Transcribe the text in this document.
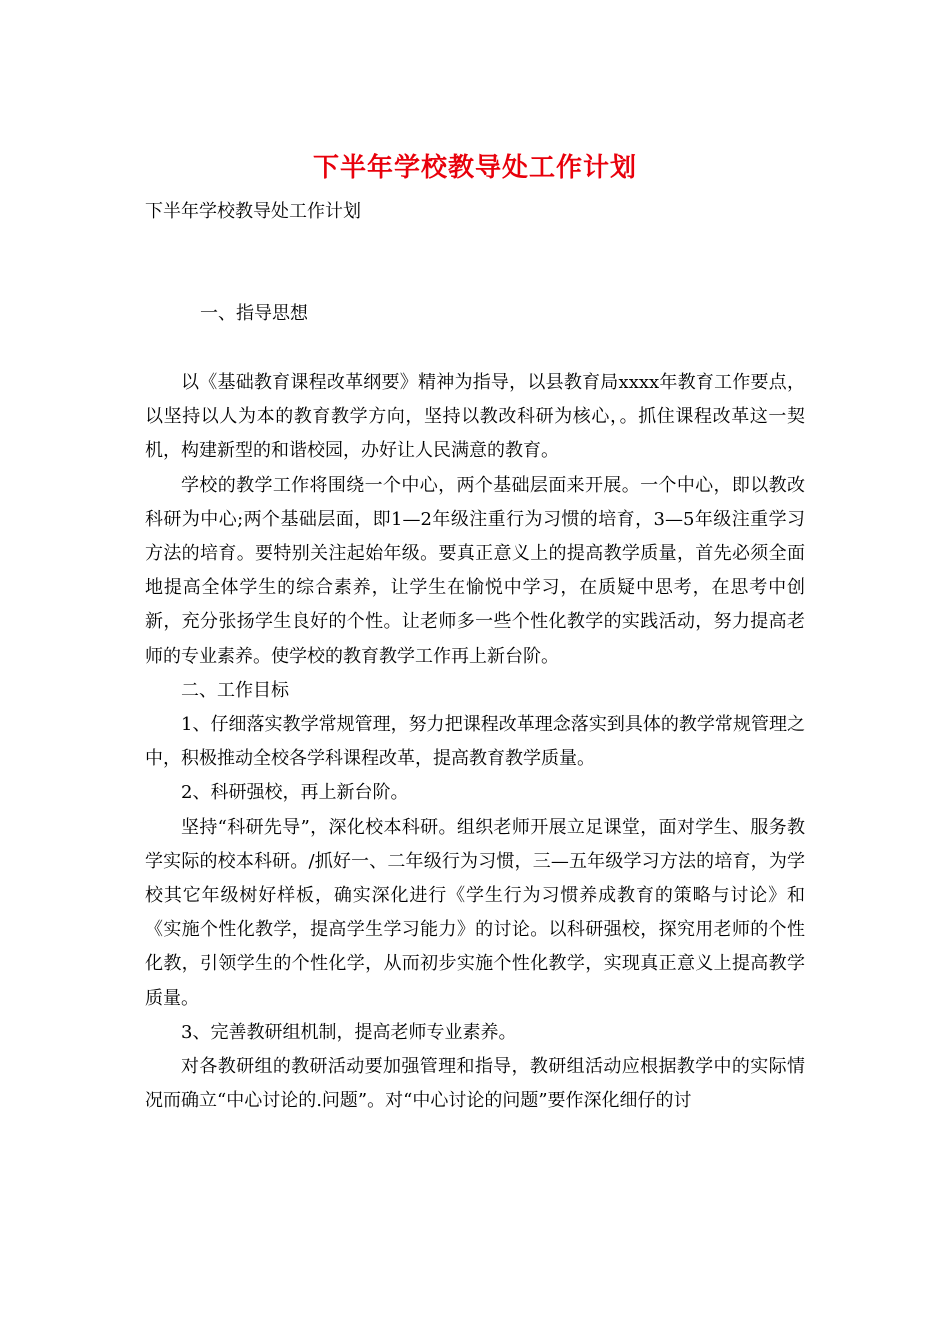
下半年学校教导处工作计划
下半年学校教导处工作计划
一、指导思想

以《基础教育课程改革纲要》精神为指导，以县教育局xxxx年教育工作要点，以坚持以人为本的教育教学方向，坚持以教改科研为核心，。抓住课程改革这一契机，构建新型的和谐校园，办好让人民满意的教育。

学校的教学工作将围绕一个中心，两个基础层面来开展。一个中心，即以教改科研为中心;两个基础层面，即1—2年级注重行为习惯的培育，3—5年级注重学习方法的培育。要特别关注起始年级。要真正意义上的提高教学质量，首先必须全面地提高全体学生的综合素养，让学生在愉悦中学习，在质疑中思考，在思考中创新，充分张扬学生良好的个性。让老师多一些个性化教学的实践活动，努力提高老师的专业素养。使学校的教育教学工作再上新台阶。

二、工作目标

1、仔细落实教学常规管理，努力把课程改革理念落实到具体的教学常规管理之中，积极推动全校各学科课程改革，提高教育教学质量。

2、科研强校，再上新台阶。

坚持“科研先导”，深化校本科研。组织老师开展立足课堂，面对学生、服务教学实际的校本科研。/抓好一、二年级行为习惯，三—五年级学习方法的培育，为学校其它年级树好样板，确实深化进行《学生行为习惯养成教育的策略与讨论》和《实施个性化教学，提高学生学习能力》的讨论。以科研强校，探究用老师的个性化教，引领学生的个性化学，从而初步实施个性化教学，实现真正意义上提高教学质量。

3、完善教研组机制，提高老师专业素养。

对各教研组的教研活动要加强管理和指导，教研组活动应根据教学中的实际情况而确立“中心讨论的.问题”。对“中心讨论的问题”要作深化细仔的讨
